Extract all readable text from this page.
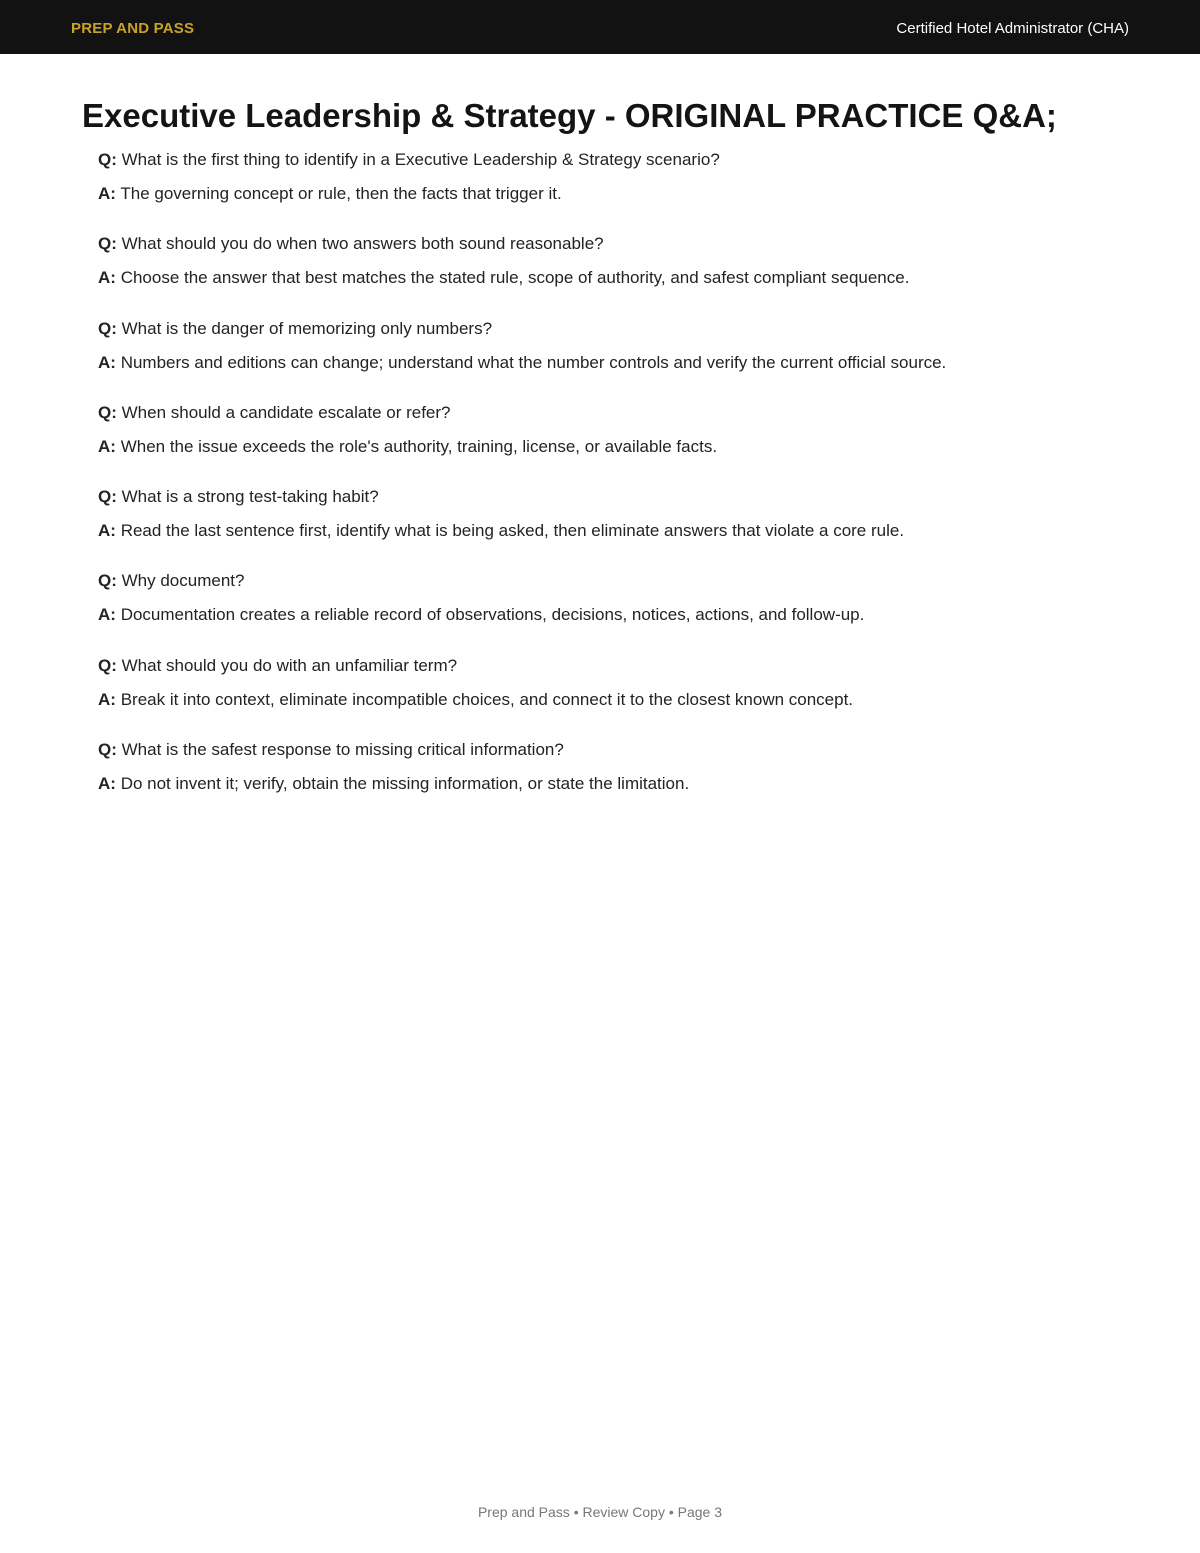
PREP AND PASS	Certified Hotel Administrator (CHA)
Executive Leadership & Strategy - ORIGINAL PRACTICE Q&A;
Q: What is the first thing to identify in a Executive Leadership & Strategy scenario?
A: The governing concept or rule, then the facts that trigger it.
Q: What should you do when two answers both sound reasonable?
A: Choose the answer that best matches the stated rule, scope of authority, and safest compliant sequence.
Q: What is the danger of memorizing only numbers?
A: Numbers and editions can change; understand what the number controls and verify the current official source.
Q: When should a candidate escalate or refer?
A: When the issue exceeds the role's authority, training, license, or available facts.
Q: What is a strong test-taking habit?
A: Read the last sentence first, identify what is being asked, then eliminate answers that violate a core rule.
Q: Why document?
A: Documentation creates a reliable record of observations, decisions, notices, actions, and follow-up.
Q: What should you do with an unfamiliar term?
A: Break it into context, eliminate incompatible choices, and connect it to the closest known concept.
Q: What is the safest response to missing critical information?
A: Do not invent it; verify, obtain the missing information, or state the limitation.
Prep and Pass • Review Copy • Page 3
